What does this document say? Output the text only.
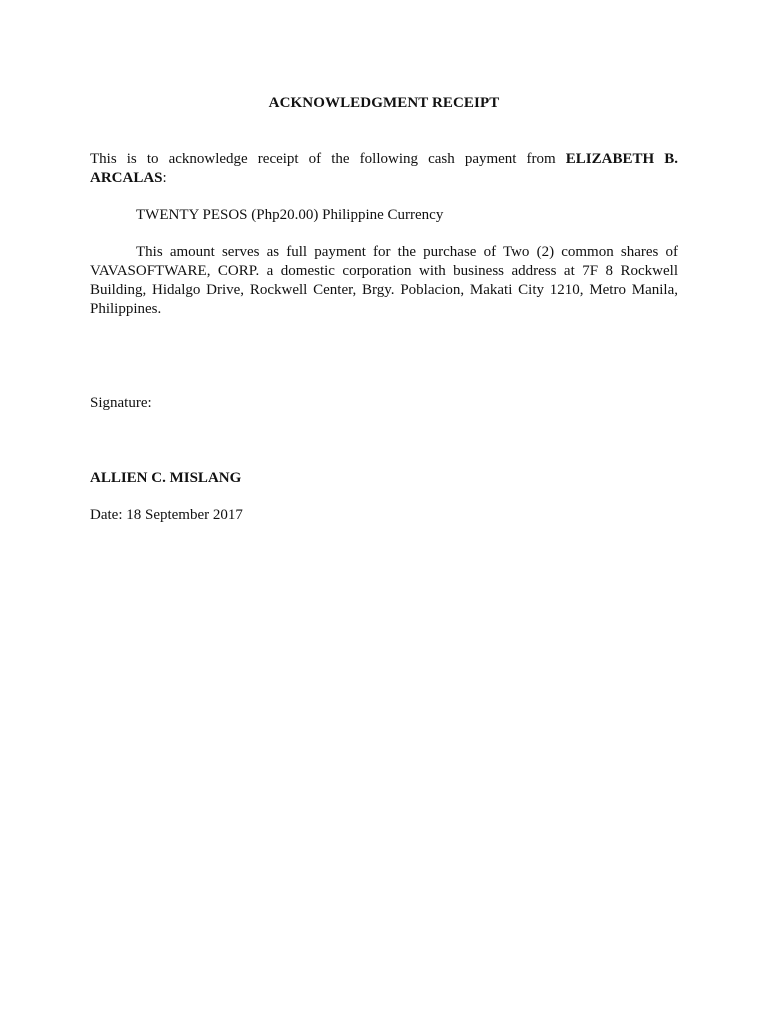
ACKNOWLEDGMENT RECEIPT

This is to acknowledge receipt of the following cash payment from ELIZABETH B. ARCALAS:

TWENTY PESOS (Php20.00) Philippine Currency

This amount serves as full payment for the purchase of Two (2) common shares of VAVASOFTWARE, CORP. a domestic corporation with business address at 7F 8 Rockwell Building, Hidalgo Drive, Rockwell Center, Brgy. Poblacion, Makati City 1210, Metro Manila, Philippines.

Signature:

ALLIEN C. MISLANG

Date: 18 September 2017
